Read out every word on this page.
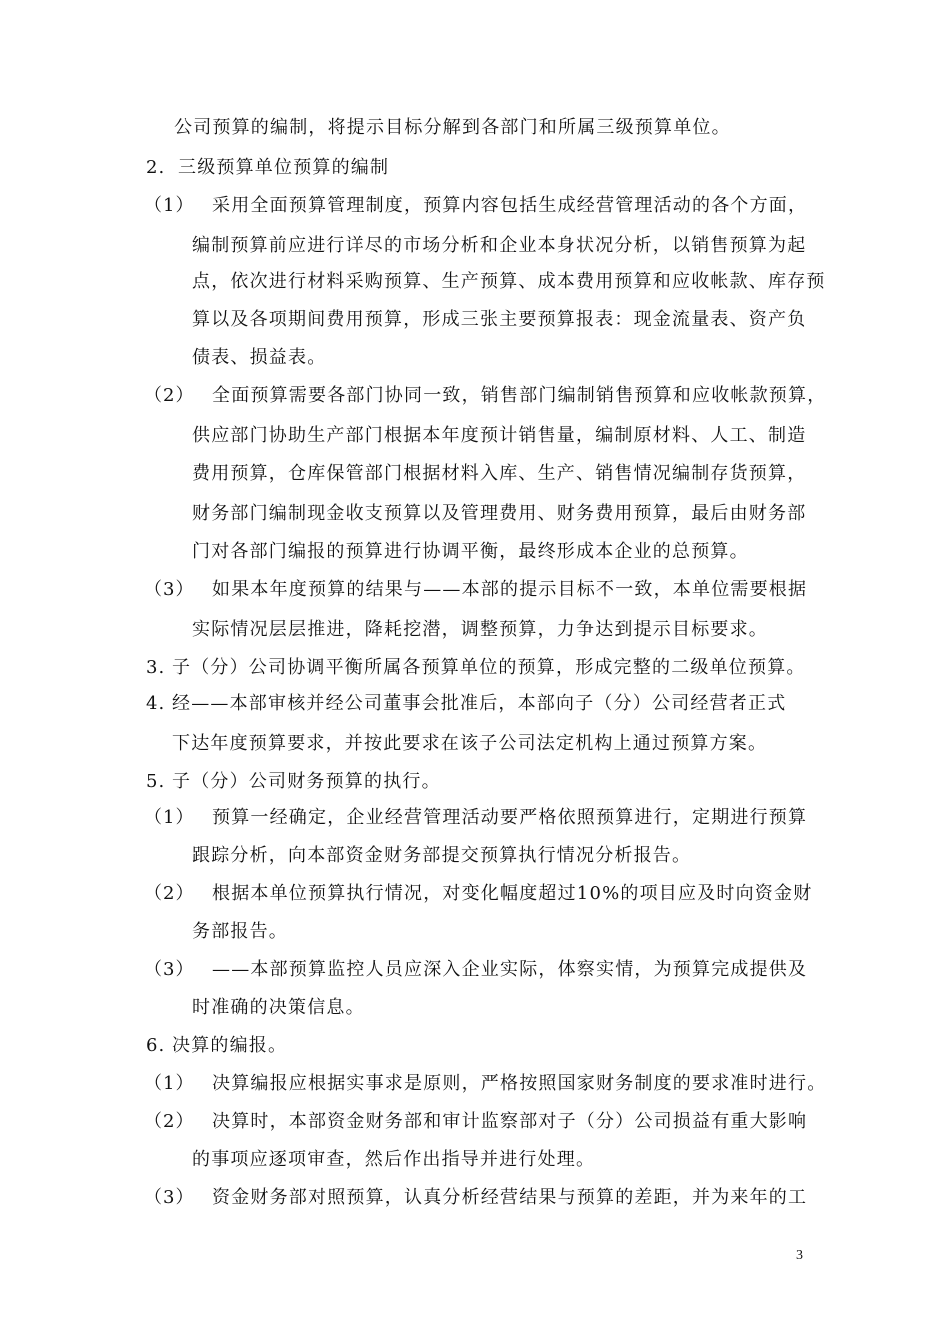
公司预算的编制，将提示目标分解到各部门和所属三级预算单位。
2. 三级预算单位预算的编制
（1） 采用全面预算管理制度，预算内容包括生成经营管理活动的各个方面，
编制预算前应进行详尽的市场分析和企业本身状况分析，以销售预算为起
点，依次进行材料采购预算、生产预算、成本费用预算和应收帐款、库存预
算以及各项期间费用预算，形成三张主要预算报表：现金流量表、资产负
债表、损益表。
（2） 全面预算需要各部门协同一致，销售部门编制销售预算和应收帐款预算，
供应部门协助生产部门根据本年度预计销售量，编制原材料、人工、制造
费用预算，仓库保管部门根据材料入库、生产、销售情况编制存货预算，
财务部门编制现金收支预算以及管理费用、财务费用预算，最后由财务部
门对各部门编报的预算进行协调平衡，最终形成本企业的总预算。
（3） 如果本年度预算的结果与——本部的提示目标不一致，本单位需要根据
实际情况层层推进，降耗挖潜，调整预算，力争达到提示目标要求。
3. 子（分）公司协调平衡所属各预算单位的预算，形成完整的二级单位预算。
4. 经——本部审核并经公司董事会批准后，本部向子（分）公司经营者正式
下达年度预算要求，并按此要求在该子公司法定机构上通过预算方案。
5. 子（分）公司财务预算的执行。
（1） 预算一经确定，企业经营管理活动要严格依照预算进行，定期进行预算
跟踪分析，向本部资金财务部提交预算执行情况分析报告。
（2） 根据本单位预算执行情况，对变化幅度超过10%的项目应及时向资金财
务部报告。
（3） ——本部预算监控人员应深入企业实际，体察实情，为预算完成提供及
时准确的决策信息。
6. 决算的编报。
（1） 决算编报应根据实事求是原则，严格按照国家财务制度的要求准时进行。
（2） 决算时，本部资金财务部和审计监察部对子（分）公司损益有重大影响
的事项应逐项审查，然后作出指导并进行处理。
（3） 资金财务部对照预算，认真分析经营结果与预算的差距，并为来年的工
3
